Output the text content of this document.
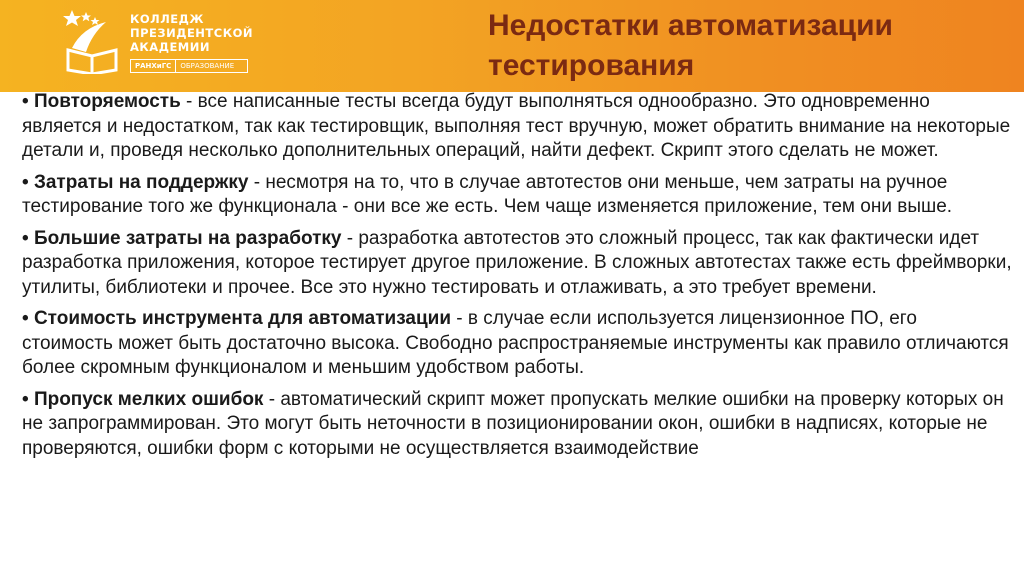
КОЛЛЕДЖ
ПРЕЗИДЕНТСКОЙ
АКАДЕМИИ
РАНХиГС	ОБРАЗОВАНИЕ
Недостатки автоматизации тестирования

• Повторяемость - все написанные тесты всегда будут выполняться однообразно. Это одновременно является и недостатком, так как тестировщик, выполняя тест вручную, может обратить внимание на некоторые детали и, проведя несколько дополнительных операций, найти дефект. Скрипт этого сделать не может.

• Затраты на поддержку - несмотря на то, что в случае автотестов они меньше, чем затраты на ручное тестирование того же функционала - они все же есть. Чем чаще изменяется приложение, тем они выше.

• Большие затраты на разработку - разработка автотестов это сложный процесс, так как фактически идет разработка приложения, которое тестирует другое приложение. В сложных автотестах также есть фреймворки, утилиты, библиотеки и прочее. Все это нужно тестировать и отлаживать, а это требует времени.

• Стоимость инструмента для автоматизации - в случае если используется лицензионное ПО, его стоимость может быть достаточно высока. Свободно распространяемые инструменты как правило отличаются более скромным функционалом и меньшим удобством работы.

• Пропуск мелких ошибок - автоматический скрипт может пропускать мелкие ошибки на проверку которых он не запрограммирован. Это могут быть неточности в позиционировании окон, ошибки в надписях, которые не проверяются, ошибки форм с которыми не осуществляется взаимодействие
